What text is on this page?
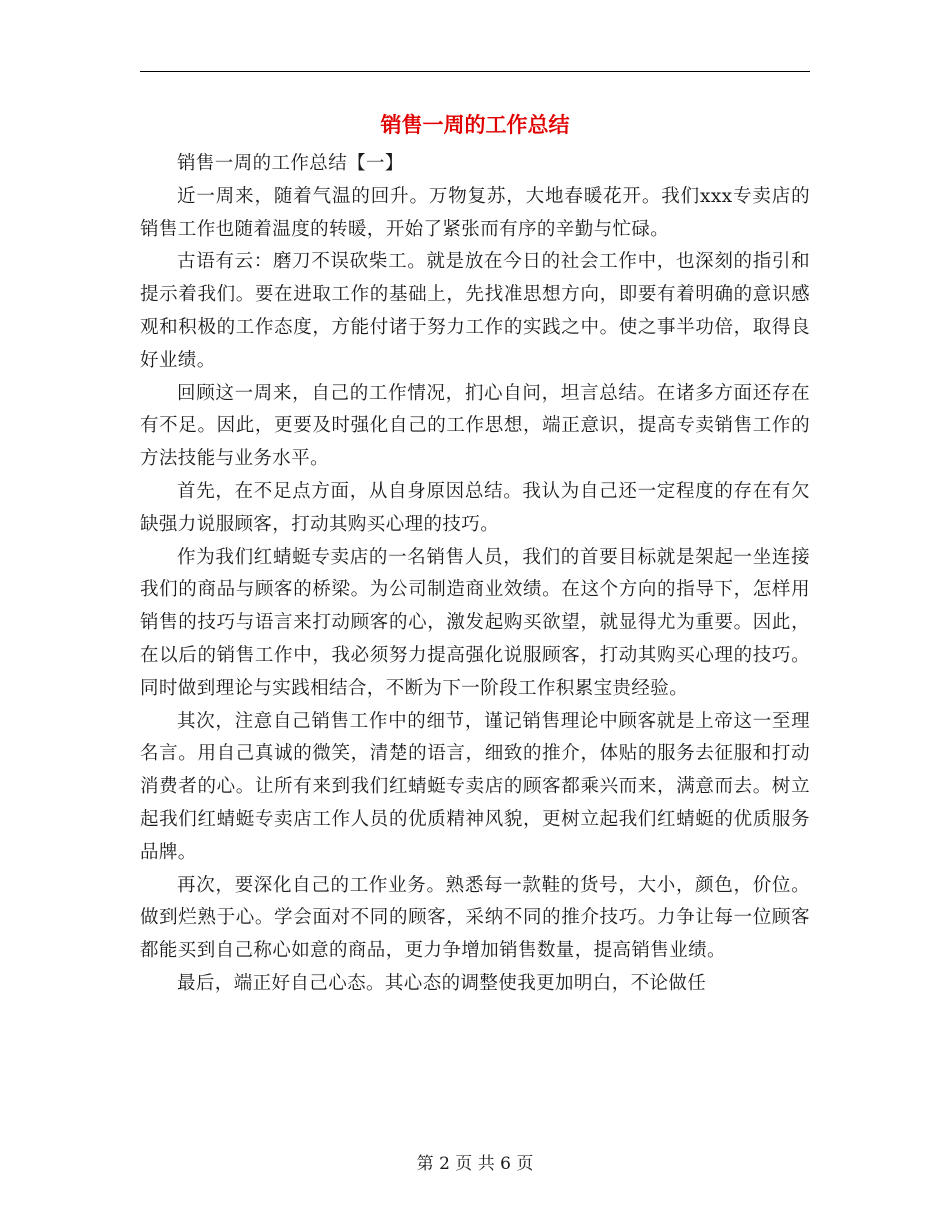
销售一周的工作总结

销售一周的工作总结【一】

近一周来，随着气温的回升。万物复苏，大地春暖花开。我们xxx专卖店的销售工作也随着温度的转暖，开始了紧张而有序的辛勤与忙碌。

古语有云：磨刀不误砍柴工。就是放在今日的社会工作中，也深刻的指引和提示着我们。要在进取工作的基础上，先找准思想方向，即要有着明确的意识感观和积极的工作态度，方能付诸于努力工作的实践之中。使之事半功倍，取得良好业绩。

回顾这一周来，自己的工作情况，扪心自问，坦言总结。在诸多方面还存在有不足。因此，更要及时强化自己的工作思想，端正意识，提高专卖销售工作的方法技能与业务水平。

首先，在不足点方面，从自身原因总结。我认为自己还一定程度的存在有欠缺强力说服顾客，打动其购买心理的技巧。

作为我们红蜻蜓专卖店的一名销售人员，我们的首要目标就是架起一坐连接我们的商品与顾客的桥梁。为公司制造商业效绩。在这个方向的指导下，怎样用销售的技巧与语言来打动顾客的心，激发起购买欲望，就显得尤为重要。因此，在以后的销售工作中，我必须努力提高强化说服顾客，打动其购买心理的技巧。同时做到理论与实践相结合，不断为下一阶段工作积累宝贵经验。

其次，注意自己销售工作中的细节，谨记销售理论中顾客就是上帝这一至理名言。用自己真诚的微笑，清楚的语言，细致的推介，体贴的服务去征服和打动消费者的心。让所有来到我们红蜻蜓专卖店的顾客都乘兴而来，满意而去。树立起我们红蜻蜓专卖店工作人员的优质精神风貌，更树立起我们红蜻蜓的优质服务品牌。

再次，要深化自己的工作业务。熟悉每一款鞋的货号，大小，颜色，价位。做到烂熟于心。学会面对不同的顾客，采纳不同的推介技巧。力争让每一位顾客都能买到自己称心如意的商品，更力争增加销售数量，提高销售业绩。

最后，端正好自己心态。其心态的调整使我更加明白，不论做任

第 2 页 共 6 页
